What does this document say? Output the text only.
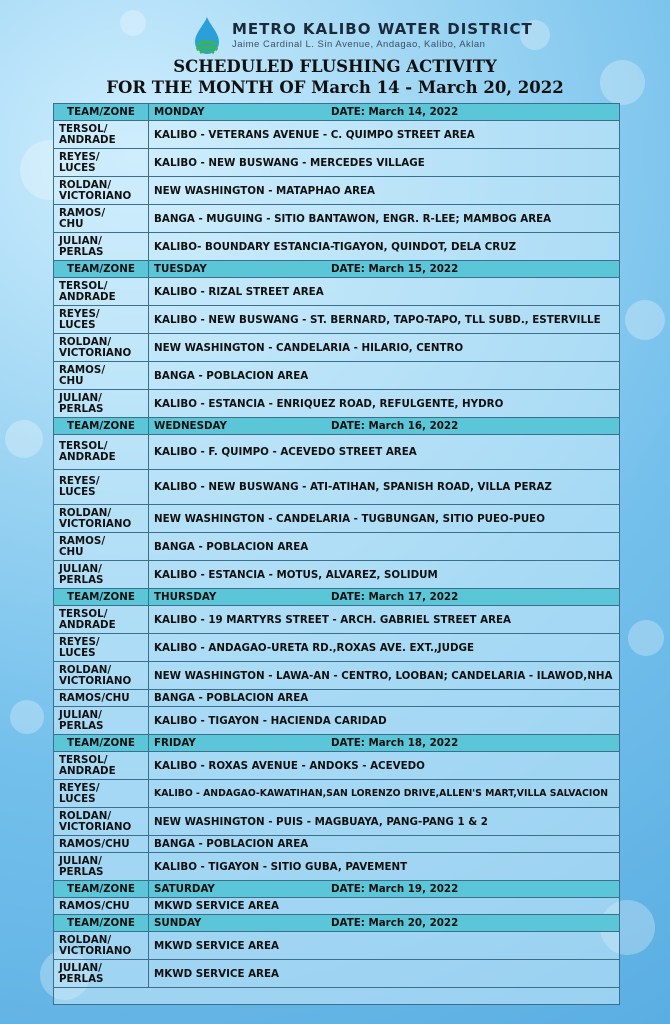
METRO KALIBO WATER DISTRICT
Jaime Cardinal L. Sin Avenue, Andagao, Kalibo, Aklan
SCHEDULED FLUSHING ACTIVITY
FOR THE MONTH OF March 14 - March 20, 2022
TEAM/ZONE	MONDAY DATE: March 14, 2022
TERSOL/
ANDRADE	KALIBO - VETERANS AVENUE - C. QUIMPO STREET AREA
REYES/
LUCES	KALIBO - NEW BUSWANG - MERCEDES VILLAGE
ROLDAN/
VICTORIANO	NEW WASHINGTON - MATAPHAO AREA
RAMOS/
CHU	BANGA - MUGUING - SITIO BANTAWON, ENGR. R-LEE; MAMBOG AREA
JULIAN/
PERLAS	KALIBO- BOUNDARY ESTANCIA-TIGAYON, QUINDOT, DELA CRUZ
TEAM/ZONE	TUESDAY DATE: March 15, 2022
TERSOL/
ANDRADE	KALIBO - RIZAL STREET AREA
REYES/
LUCES	KALIBO - NEW BUSWANG - ST. BERNARD, TAPO-TAPO, TLL SUBD., ESTERVILLE
ROLDAN/
VICTORIANO	NEW WASHINGTON - CANDELARIA - HILARIO, CENTRO
RAMOS/
CHU	BANGA - POBLACION AREA
JULIAN/
PERLAS	KALIBO - ESTANCIA - ENRIQUEZ ROAD, REFULGENTE, HYDRO
TEAM/ZONE	WEDNESDAY DATE: March 16, 2022
TERSOL/
ANDRADE	KALIBO - F. QUIMPO - ACEVEDO STREET AREA
REYES/
LUCES	KALIBO - NEW BUSWANG - ATI-ATIHAN, SPANISH ROAD, VILLA PERAZ
ROLDAN/
VICTORIANO	NEW WASHINGTON - CANDELARIA - TUGBUNGAN, SITIO PUEO-PUEO
RAMOS/
CHU	BANGA - POBLACION AREA
JULIAN/
PERLAS	KALIBO - ESTANCIA - MOTUS, ALVAREZ, SOLIDUM
TEAM/ZONE	THURSDAY DATE: March 17, 2022
TERSOL/
ANDRADE	KALIBO - 19 MARTYRS STREET - ARCH. GABRIEL STREET AREA
REYES/
LUCES	KALIBO - ANDAGAO-URETA RD.,ROXAS AVE. EXT.,JUDGE
ROLDAN/
VICTORIANO	NEW WASHINGTON - LAWA-AN - CENTRO, LOOBAN; CANDELARIA - ILAWOD,NHA
RAMOS/CHU	BANGA - POBLACION AREA
JULIAN/
PERLAS	KALIBO - TIGAYON - HACIENDA CARIDAD
TEAM/ZONE	FRIDAY DATE: March 18, 2022
TERSOL/
ANDRADE	KALIBO - ROXAS AVENUE - ANDOKS - ACEVEDO
REYES/
LUCES	KALIBO - ANDAGAO-KAWATIHAN,SAN LORENZO DRIVE,ALLEN'S MART,VILLA SALVACION
ROLDAN/
VICTORIANO	NEW WASHINGTON - PUIS - MAGBUAYA, PANG-PANG 1 & 2
RAMOS/CHU	BANGA - POBLACION AREA
JULIAN/
PERLAS	KALIBO - TIGAYON - SITIO GUBA, PAVEMENT
TEAM/ZONE	SATURDAY DATE: March 19, 2022
RAMOS/CHU	MKWD SERVICE AREA
TEAM/ZONE	SUNDAY DATE: March 20, 2022
ROLDAN/
VICTORIANO	MKWD SERVICE AREA
JULIAN/
PERLAS	MKWD SERVICE AREA
